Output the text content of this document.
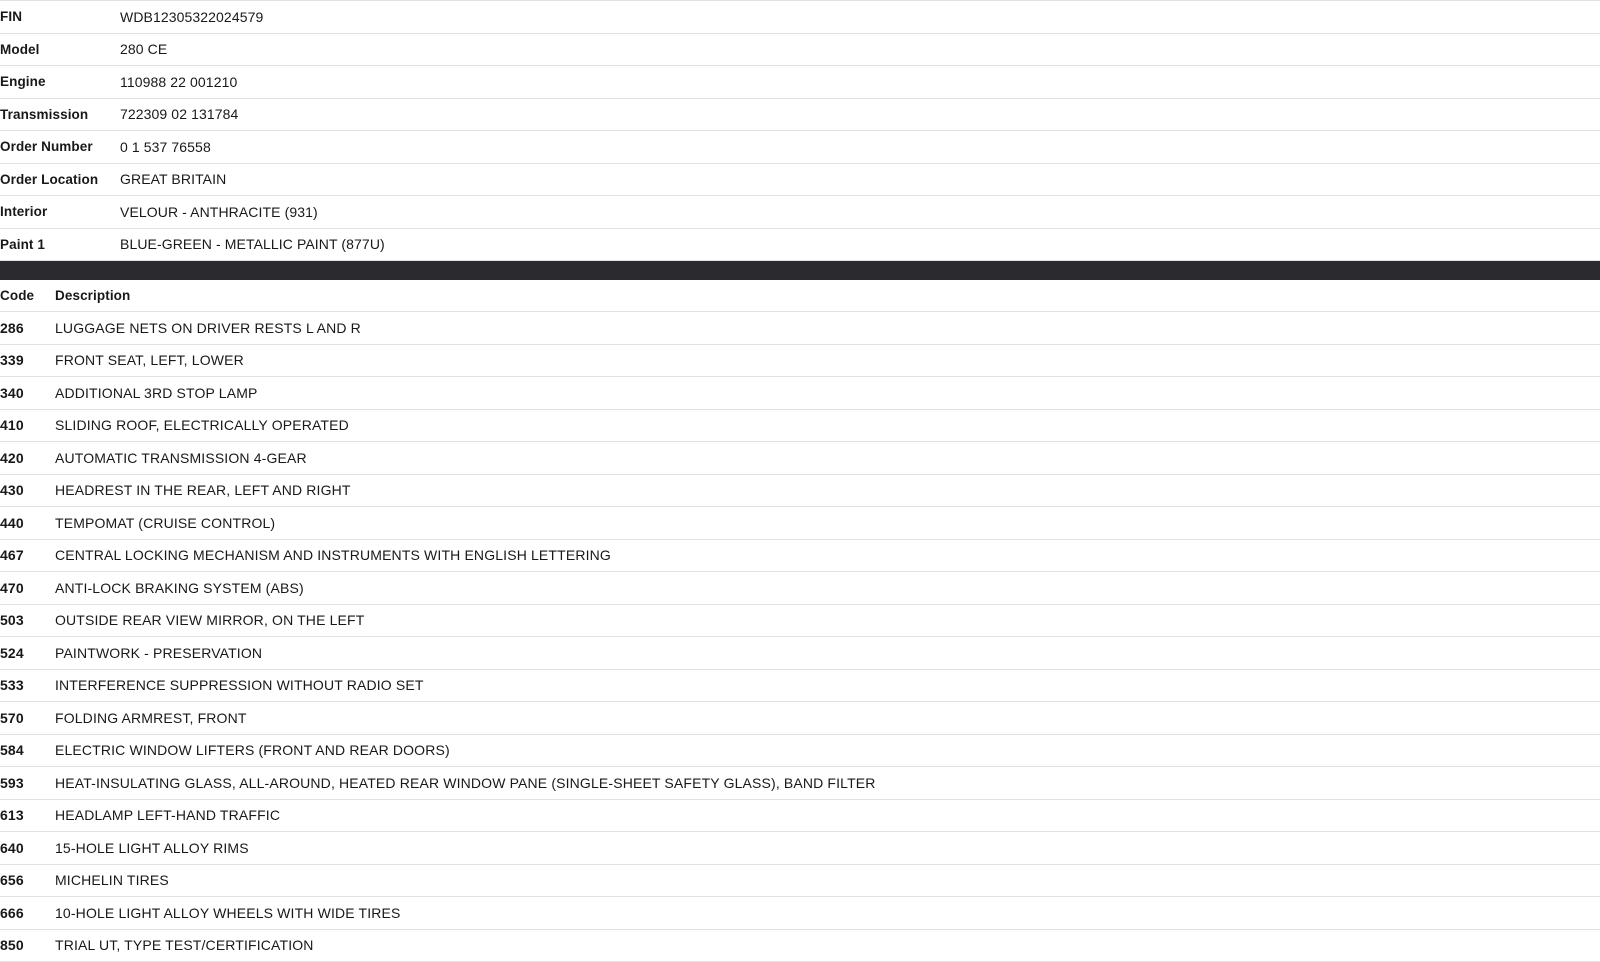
FIN	WDB12305322024579
Model	280 CE
Engine	110988 22 001210
Transmission	722309 02 131784
Order Number	0 1 537 76558
Order Location	GREAT BRITAIN
Interior	VELOUR - ANTHRACITE (931)
Paint 1	BLUE-GREEN - METALLIC PAINT (877U)
Code	Description
286	LUGGAGE NETS ON DRIVER RESTS L AND R
339	FRONT SEAT, LEFT, LOWER
340	ADDITIONAL 3RD STOP LAMP
410	SLIDING ROOF, ELECTRICALLY OPERATED
420	AUTOMATIC TRANSMISSION 4-GEAR
430	HEADREST IN THE REAR, LEFT AND RIGHT
440	TEMPOMAT (CRUISE CONTROL)
467	CENTRAL LOCKING MECHANISM AND INSTRUMENTS WITH ENGLISH LETTERING
470	ANTI-LOCK BRAKING SYSTEM (ABS)
503	OUTSIDE REAR VIEW MIRROR, ON THE LEFT
524	PAINTWORK - PRESERVATION
533	INTERFERENCE SUPPRESSION WITHOUT RADIO SET
570	FOLDING ARMREST, FRONT
584	ELECTRIC WINDOW LIFTERS (FRONT AND REAR DOORS)
593	HEAT-INSULATING GLASS, ALL-AROUND, HEATED REAR WINDOW PANE (SINGLE-SHEET SAFETY GLASS), BAND FILTER
613	HEADLAMP LEFT-HAND TRAFFIC
640	15-HOLE LIGHT ALLOY RIMS
656	MICHELIN TIRES
666	10-HOLE LIGHT ALLOY WHEELS WITH WIDE TIRES
850	TRIAL UT, TYPE TEST/CERTIFICATION
